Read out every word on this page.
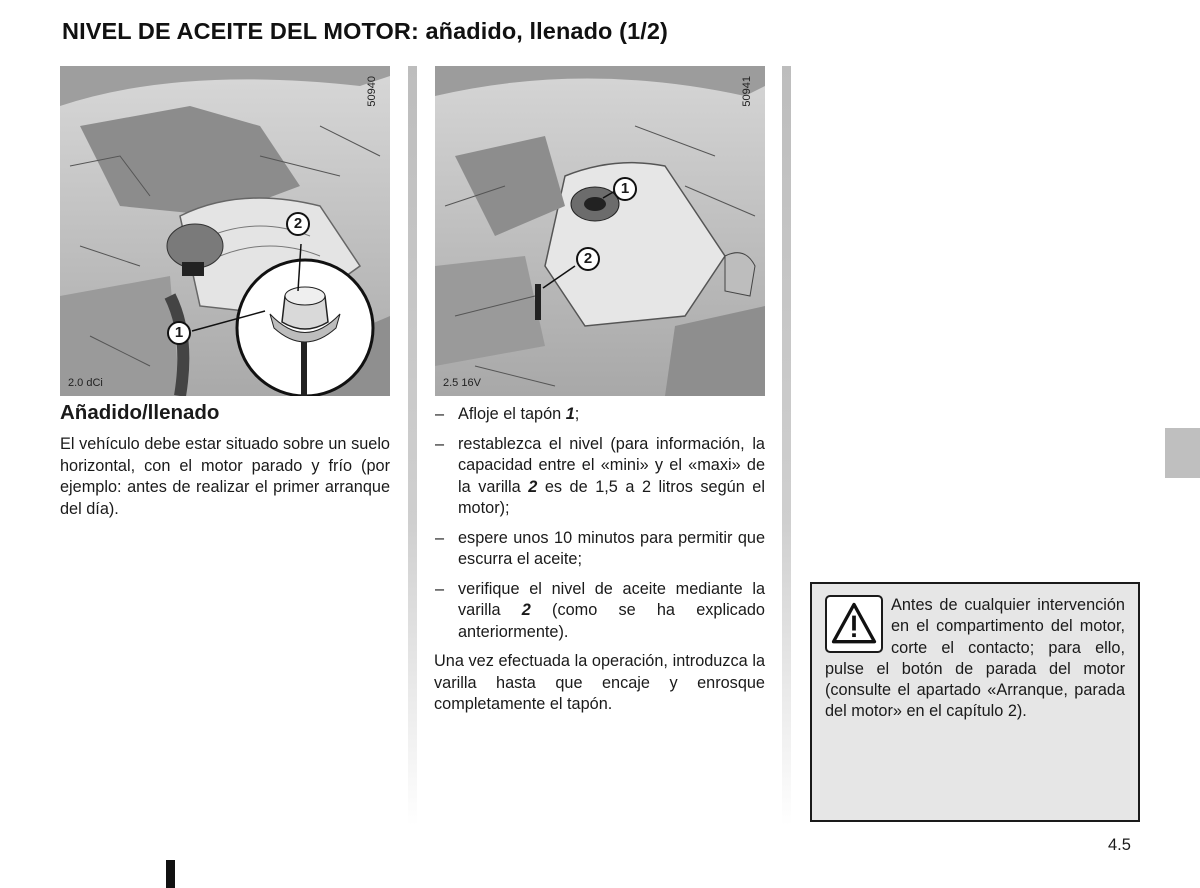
NIVEL DE ACEITE DEL MOTOR: añadido, llenado (1/2)
50940
2.0 dCi
2
1
50941
2.5 16V
1
2
Añadido/llenado

El vehículo debe estar situado sobre un suelo horizontal, con el motor parado y frío (por ejemplo: antes de realizar el primer arranque del día).

– Afloje el tapón 1;
– restablezca el nivel (para información, la capacidad entre el «mini» y el «maxi» de la varilla 2 es de 1,5 a 2 litros según el motor);
– espere unos 10 minutos para permitir que escurra el aceite;
– verifique el nivel de aceite mediante la varilla 2 (como se ha explicado anteriormente).

Una vez efectuada la operación, introduzca la varilla hasta que encaje y enrosque completamente el tapón.

Antes de cualquier intervención en el compartimento del motor, corte el contacto; para ello, pulse el botón de parada del motor (consulte el apartado «Arranque, parada del motor» en el capítulo 2).

4.5
